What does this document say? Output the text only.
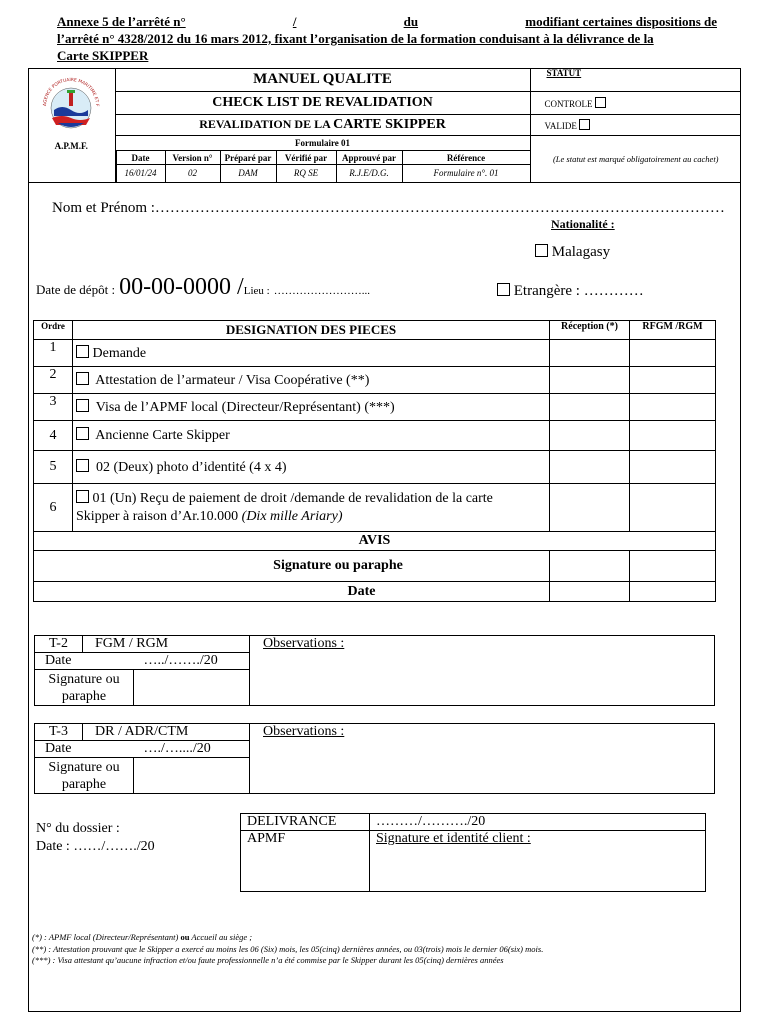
Annexe 5 de l’arrêté n°	/	du	modifiant certaines dispositions de
l’arrêté n° 4328/2012 du 16 mars 2012, fixant l’organisation de la formation conduisant à la délivrance de la
Carte SKIPPER
AGENCE PORTUAIRE MARITIME ET F
A.P.M.F.
	MANUEL QUALITE	STATUT
CHECK LIST DE REVALIDATION	CONTROLE
REVALIDATION DE LA CARTE SKIPPER	VALIDE
Formulaire 01	(Le statut est marqué obligatoirement au cachet)

Date	Version n°	Préparé par	Vérifié par	Approuvé par	Référence

16/01/24	02	DAM	RQ SE	R.J.E/D.G.	Formulaire n°. 01
Nom et Prénom :……………………………………………………………………………………………………
Nationalité :
Malagasy
Date de dépôt : 00-00-0000 /Lieu : ……………………...	Etrangère : …………
Ordre	DESIGNATION DES PIECES	Réception (*)	RFGM /RGM
1	Demande		
2	Attestation de l’armateur / Visa Coopérative (**)		
3	Visa de l’APMF local (Directeur/Représentant) (***)		
4	Ancienne Carte Skipper		
5	02 (Deux) photo d’identité (4 x 4)		
6	01 (Un) Reçu de paiement de droit /demande de revalidation de la carte
Skipper à raison d’Ar.10.000 (Dix mille Ariary)		
AVIS			
Signature ou paraphe			
Date			
T-2	FGM / RGM		Observations :
Date		…../……./20	
Signature ou paraphe			
T-3	DR / ADR/CTM		Observations :
Date		…./…..../20	
Signature ou paraphe			
N° du dossier :
Date : ……/……./20
DELIVRANCE	………/………./20
APMF	Signature et identité client :
(*) : APMF local (Directeur/Représentant) ou Accueil au siège ;
(**) : Attestation prouvant que le Skipper a exercé au moins les 06 (Six) mois, les 05(cinq) dernières années, ou 03(trois) mois le dernier 06(six) mois.
(***) : Visa attestant qu’aucune infraction et/ou faute professionnelle n’a été commise par le Skipper durant les 05(cinq) dernières années
